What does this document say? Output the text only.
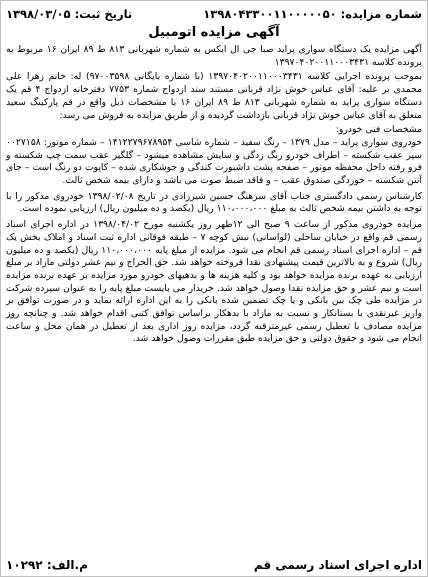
شماره مزایده: ۱۳۹۸۰۴۳۳۰۰۱۱۰۰۰۰۰۵۰
تاریخ ثبت: ۱۳۹۸/۰۳/۰۵
آگهی مزایده اتومبیل

آگهی مزایده یک دستگاه سواری پراید صبا جی ال ایکس به شماره شهربانی ۸۱۳ ط ۸۹ ایران ۱۶ مربوط به پرونده کلاسه ۱۳۹۷۰۴۰۲۰۰۱۱۰۰۰۳۴۳۱

بموجب پرونده اجرایی کلاسه ۱۳۹۷۰۴۰۲۰۰۱۱۰۰۰۳۴۳۱ (با شماره بایگانی ۹۷۰۰۳۵۹۸) له: خانم زهرا علی محمدی بر علیه: آقای عباس خوش نژاد قربانی مستند سند ازدواج شماره ۷۷۵۳ دفترخانه ازدواج ۴ قم یک دستگاه سواری پراید به شماره شهربانی ۸۱۳ ط ۸۹ ایران ۱۶ با مشخصات ذیل واقع در قم پارکینگ سعید متعلق به آقای عباس خوش نژاد قربانی بازداشت گردیده و از طریق مزایده به فروش می رسد:

مشخصات فنی خودرو:

خودروی سواری پراید – مدل ۱۳۷۹ – رنگ سفید – شماره شاسی ۱۴۱۲۲۷۹۶۷۸۹۵۴ – شماره موتور: ۰۰۲۷۱۵۸ سپر عقب شکسته – اطراف خودرو زنگ زدگی و سایش مشاهده میشود – گلگیر عقب سمت چپ شکسته و فرو رفته داخل محفظه موتور – صفحه پشت داشبورت کندگی و جوشکاری شده – کاپوت دو رنگ است – جای آنتن شکسته – خوردگی صندوق عقب – و فاقد ضبط صوت می باشد و دارای بیمه شخص ثالث.

کارشناس رسمی دادگستری جناب آقای سرهنگ حسین شیرزادی در تاریخ ۱۳۹۸/۰۲/۰۸ خودروی مذکور را با توجه به داشتن بیمه شخص ثالث به مبلغ ۱۱۰،۰۰۰،۰۰۰ ریال (یکصد و ده میلیون ریال) ارزیابی نموده است.

مزایده خودروی مذکور از ساعت ۹ صبح الی ۱۲ظهر روز یکشنبه مورخ ۱۳۹۸/۰۴/۰۲ در اداره اجرای اسناد رسمی قم واقع در خیابان ساحلی (لواسانی) نبش کوچه ۷ – طبقه فوقانی اداره ثبت اسناد و املاک بخش یک قم – اداره اجرای اسناد رسمی قم انجام می شود. مزایده از مبلغ پایه ۱۱۰،۰۰۰،۰۰۰ ریال (یکصد و ده میلیون ریال) شروع و به بالاترین قیمت پیشنهادی نقدا فروخته خواهد شد. حق الحراج و نیم عشر دولتی مازاد بر مبلغ ارزیابی به عهده برنده مزایده خواهد بود و کلیه هزینه ها و بدهیهای خودرو مورد مزایده بر عهده برنده مزایده است و نیم عشر و حق مزایده نقدا وصول خواهد شد. خریدار می بایست مبلغ پایه را به عنوان سپرده شرکت در مزایده طی چک بین بانکی و یا چک تضمین شده بانکی را به این اداره ارائه نماید و در صورت توافق بر واریز غیرنقدی با بستانکار و نسبت به مازاد با بدهکار براساس توافق کتبی اقدام خواهد شد. و چنانچه روز مزایده مصادف با تعطیل رسمی غیرمترقبه گردد، مزایده روز اداری بعد از تعطیل در همان محل و ساعت انجام می شود و حقوق دولتی و حق مزایده طبق مقررات وصول خواهد شد.

اداره اجرای اسناد رسمی قم
م.الف: ۱۰۲۹۲
